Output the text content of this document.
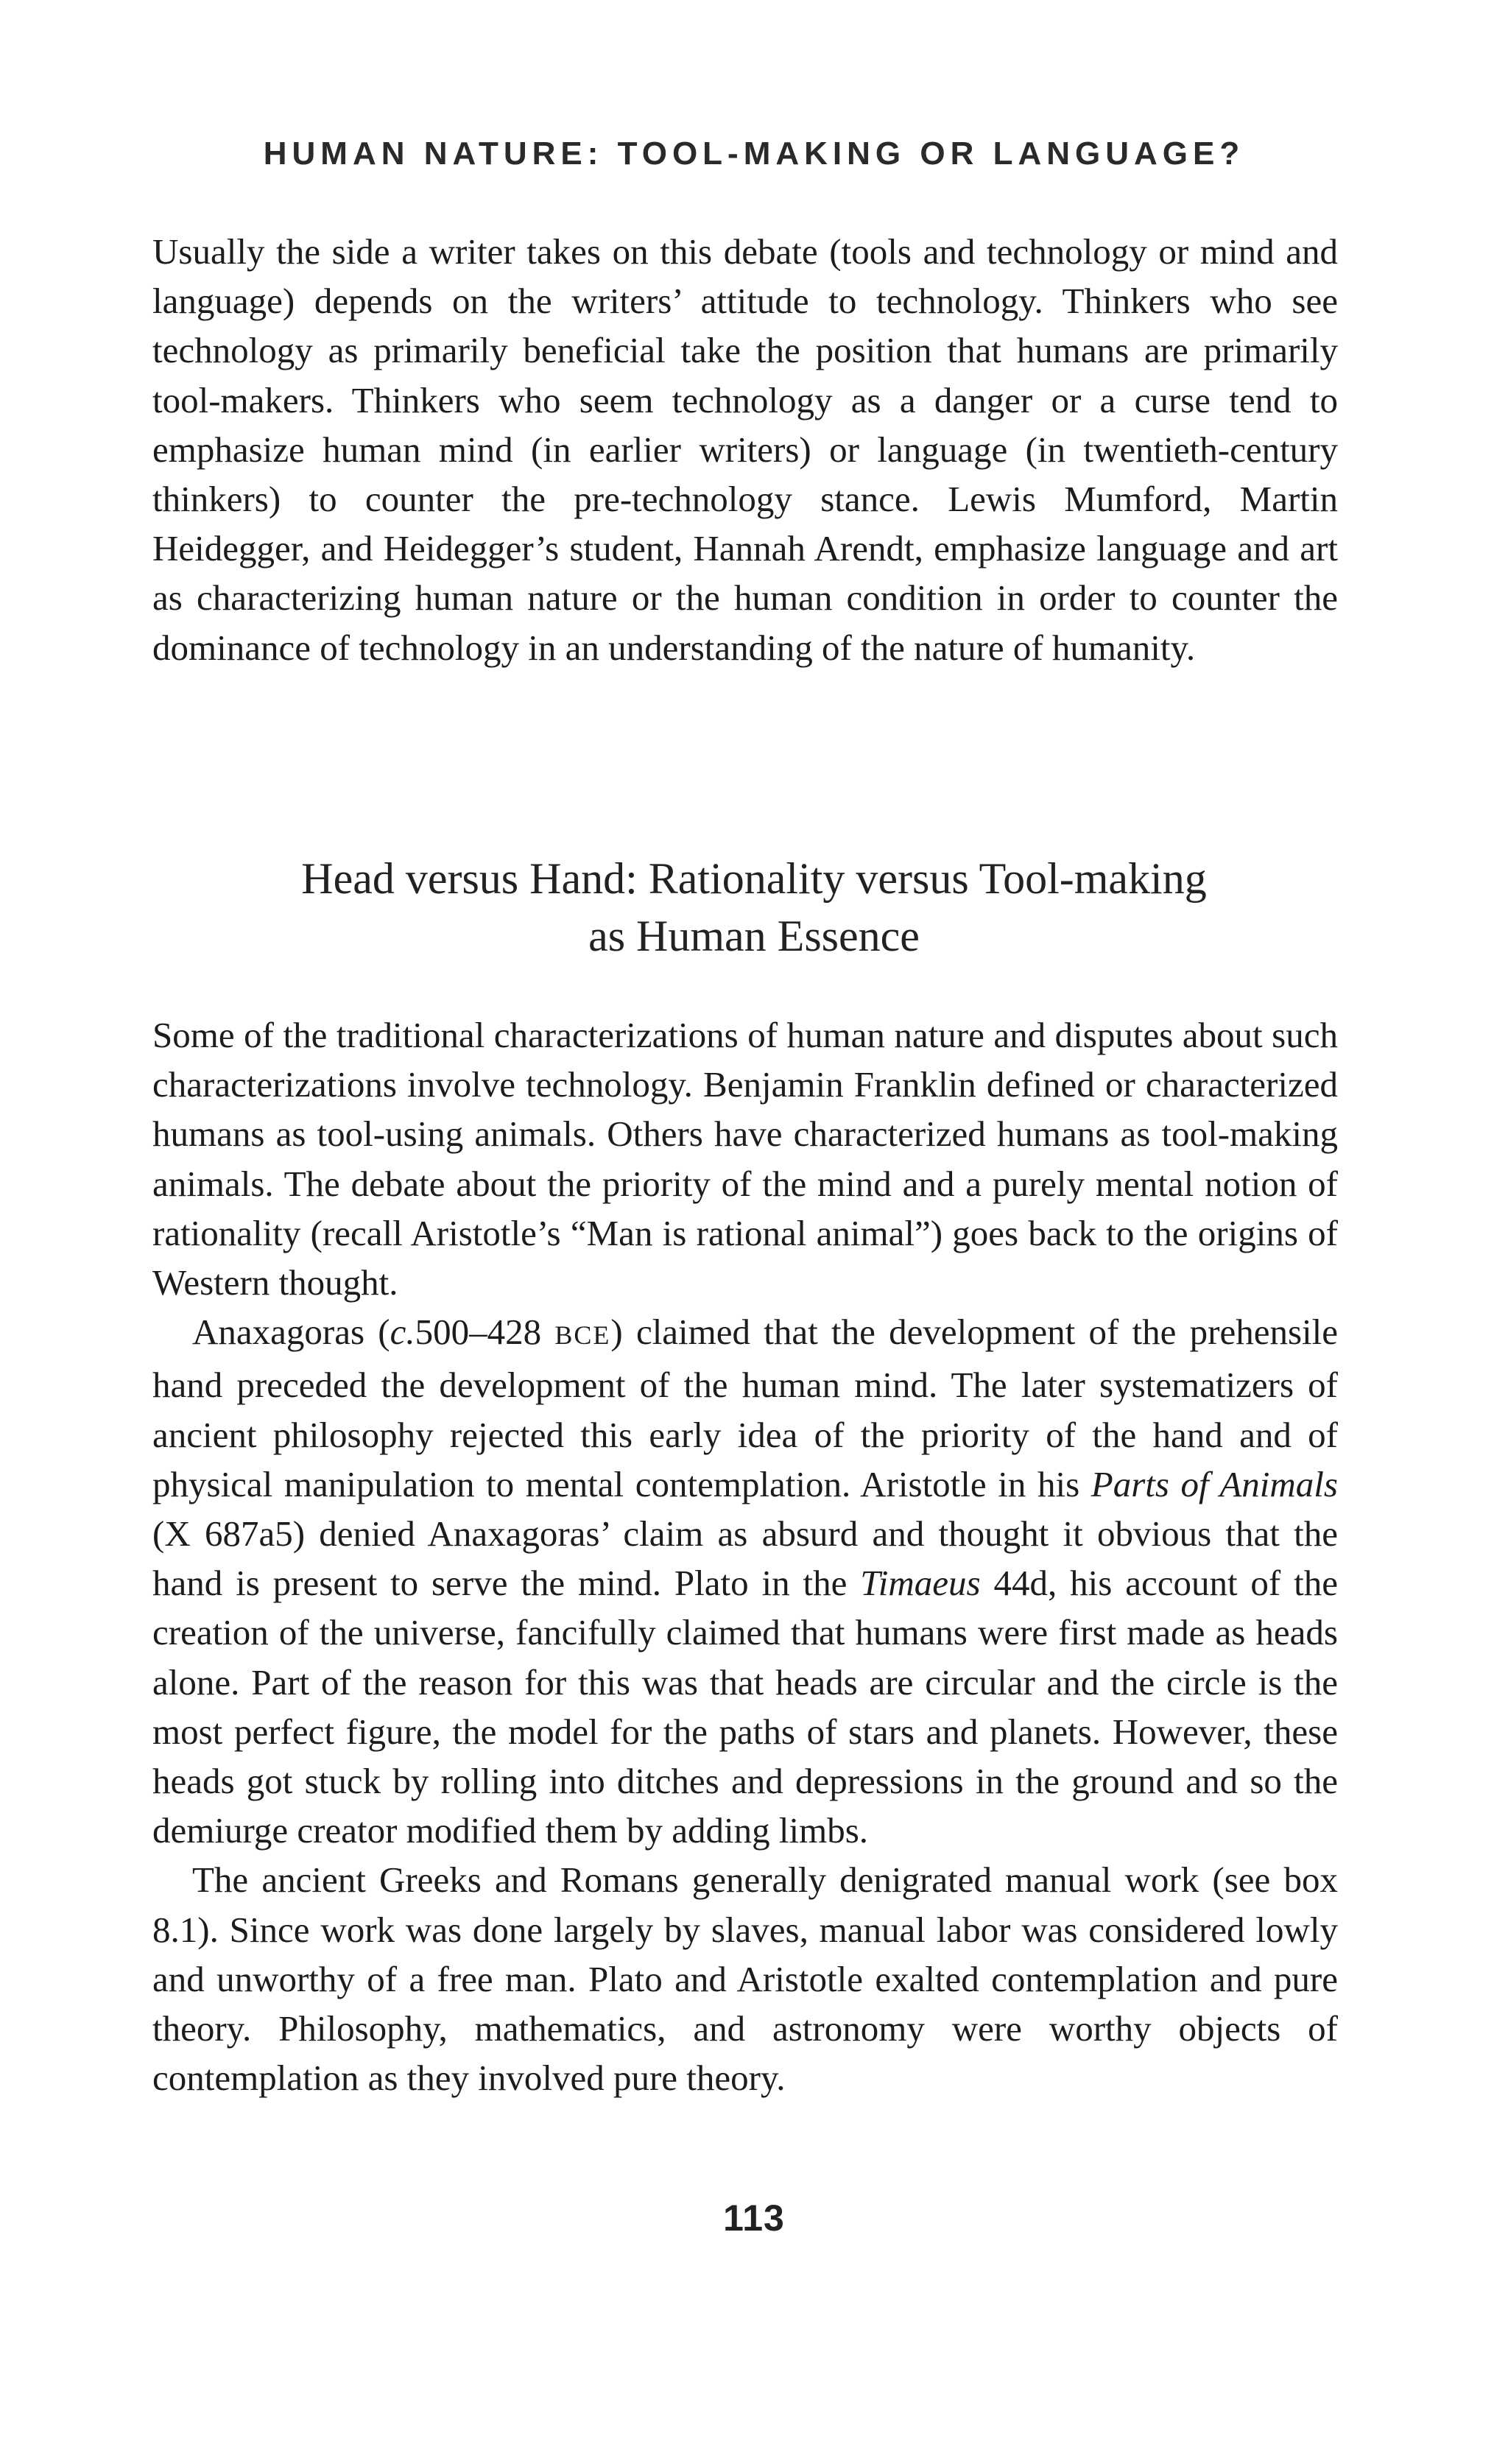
HUMAN NATURE: TOOL-MAKING OR LANGUAGE?

Usually the side a writer takes on this debate (tools and technology or mind and language) depends on the writers’ attitude to technology. Thinkers who see technology as primarily beneficial take the position that humans are primarily tool-makers. Thinkers who seem technology as a danger or a curse tend to emphasize human mind (in earlier writers) or language (in twentieth-century thinkers) to counter the pre-technology stance. Lewis Mumford, Martin Heidegger, and Heidegger’s student, Hannah Arendt, emphasize language and art as characterizing human nature or the human condition in order to counter the dominance of technology in an understanding of the nature of humanity.

Head versus Hand: Rationality versus Tool-making
as Human Essence

Some of the traditional characterizations of human nature and disputes about such characterizations involve technology. Benjamin Franklin defined or characterized humans as tool-using animals. Others have characterized humans as tool-making animals. The debate about the priority of the mind and a purely mental notion of rationality (recall Aristotle’s “Man is rational animal”) goes back to the origins of Western thought.

Anaxagoras (c.500–428 BCE) claimed that the development of the prehensile hand preceded the development of the human mind. The later systematizers of ancient philosophy rejected this early idea of the priority of the hand and of physical manipulation to mental contemplation. Aristotle in his Parts of Animals (X 687a5) denied Anaxagoras’ claim as absurd and thought it obvious that the hand is present to serve the mind. Plato in the Timaeus 44d, his account of the creation of the universe, fancifully claimed that humans were first made as heads alone. Part of the reason for this was that heads are circular and the circle is the most perfect figure, the model for the paths of stars and planets. However, these heads got stuck by rolling into ditches and depressions in the ground and so the demiurge creator modified them by adding limbs.

The ancient Greeks and Romans generally denigrated manual work (see box 8.1). Since work was done largely by slaves, manual labor was considered lowly and unworthy of a free man. Plato and Aristotle exalted contemplation and pure theory. Philosophy, mathematics, and astronomy were worthy objects of contemplation as they involved pure theory.

113
